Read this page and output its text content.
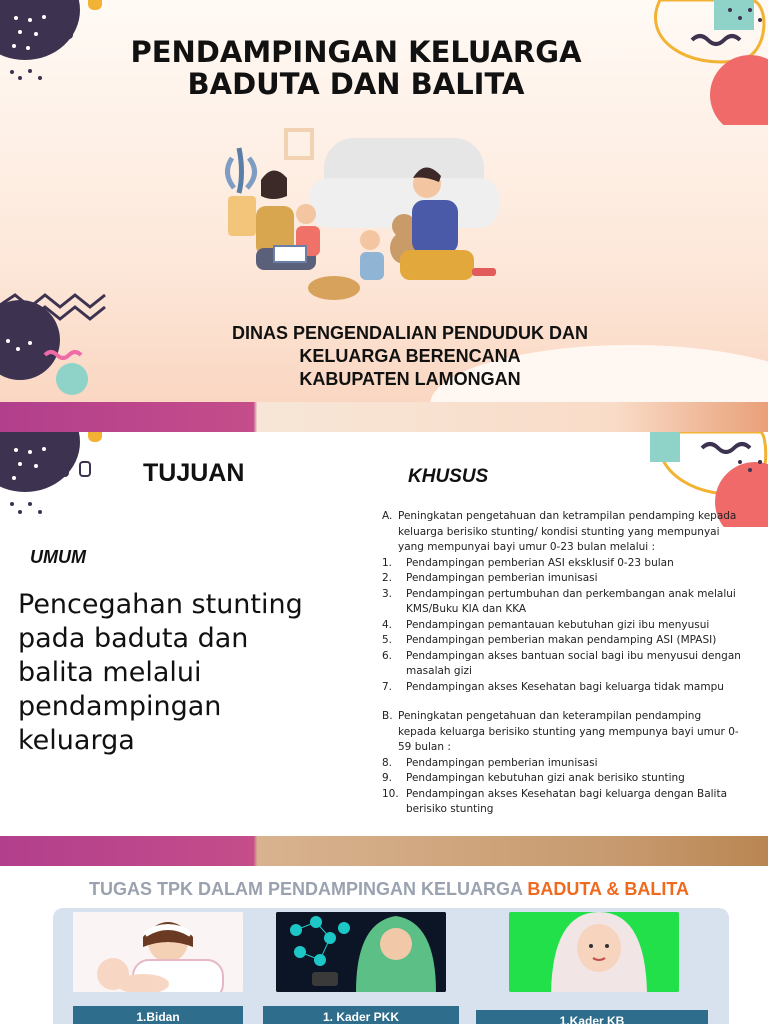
PENDAMPINGAN KELUARGA
BADUTA DAN BALITA
DINAS PENGENDALIAN PENDUDUK DAN
KELUARGA BERENCANA
KABUPATEN LAMONGAN
TUJUAN	KHUSUS
UMUM
Pencegahan stunting pada baduta dan balita melalui pendampingan keluarga
A. Peningkatan pengetahuan dan ketrampilan pendamping kepada keluarga berisiko stunting/ kondisi stunting yang mempunyai yang mempunyai bayi umur 0-23 bulan melalui :
1.	Pendampingan pemberian ASI eksklusif 0-23 bulan
2.	Pendampingan pemberian imunisasi
3.	Pendampingan pertumbuhan dan perkembangan anak melalui KMS/Buku KIA dan KKA
4.	Pendampingan pemantauan kebutuhan gizi ibu menyusui
5.	Pendampingan pemberian makan pendamping ASI (MPASI)
6.	Pendampingan akses bantuan social bagi ibu menyusui dengan masalah gizi
7.	Pendampingan akses Kesehatan bagi keluarga tidak mampu
B. Peningkatan pengetahuan dan keterampilan pendamping kepada keluarga berisiko stunting yang mempunya bayi umur 0-59 bulan :
8.	Pendampingan pemberian imunisasi
9.	Pendampingan kebutuhan gizi anak berisiko stunting
10. Pendampingan akses Kesehatan bagi keluarga dengan Balita berisiko stunting
TUGAS TPK DALAM PENDAMPINGAN KELUARGA BADUTA & BALITA
1.Bidan	1. Kader PKK	1.Kader KB
